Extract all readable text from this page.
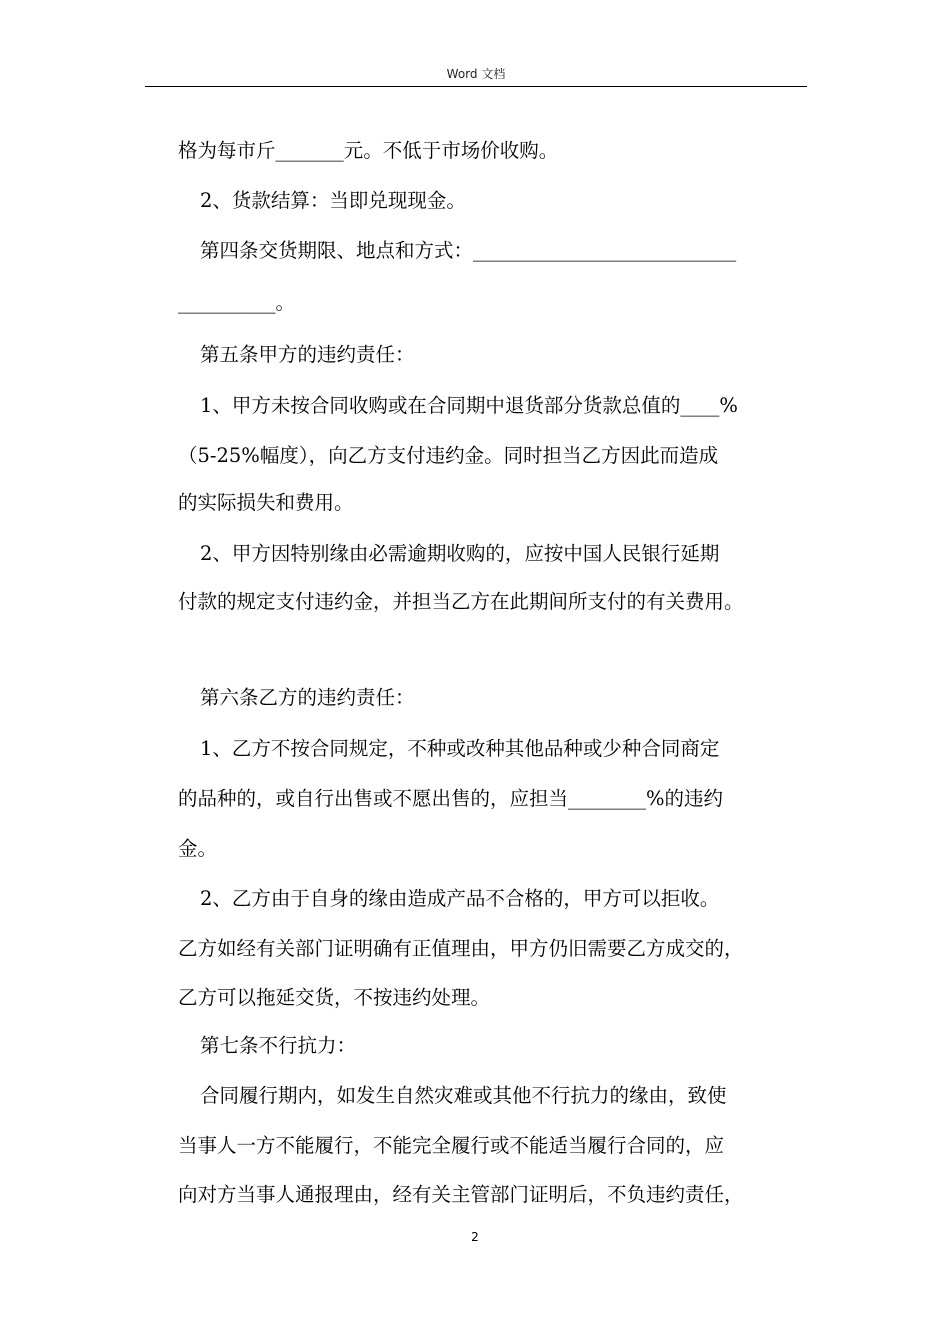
Word 文档
格为每市斤_______元。不低于市场价收购。
2、货款结算：当即兑现现金。
第四条交货期限、地点和方式：___________________________
__________。
第五条甲方的违约责任：
1、甲方未按合同收购或在合同期中退货部分货款总值的____%
（5-25%幅度），向乙方支付违约金。同时担当乙方因此而造成
的实际损失和费用。
2、甲方因特别缘由必需逾期收购的，应按中国人民银行延期
付款的规定支付违约金，并担当乙方在此期间所支付的有关费用。
第六条乙方的违约责任：
1、乙方不按合同规定，不种或改种其他品种或少种合同商定
的品种的，或自行出售或不愿出售的，应担当________%的违约
金。
2、乙方由于自身的缘由造成产品不合格的，甲方可以拒收。
乙方如经有关部门证明确有正值理由，甲方仍旧需要乙方成交的，
乙方可以拖延交货，不按违约处理。
第七条不行抗力：
合同履行期内，如发生自然灾难或其他不行抗力的缘由，致使
当事人一方不能履行，不能完全履行或不能适当履行合同的，应
向对方当事人通报理由，经有关主管部门证明后，不负违约责任，
2
